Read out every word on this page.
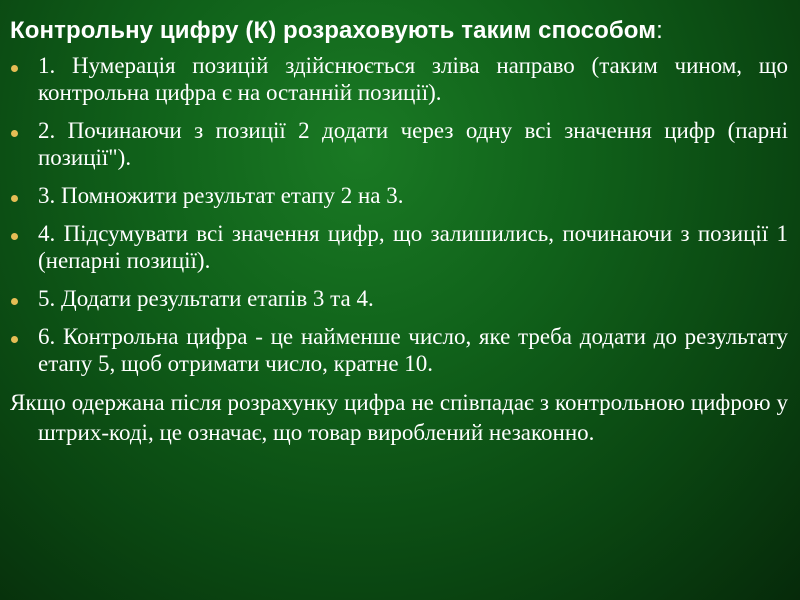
Контрольну цифру (К) розраховують таким способом:
1. Нумерація позицій здійснюється зліва направо (таким чином, що контрольна цифра є на останній позиції).
2. Починаючи з позиції 2 додати через одну всі значення цифр (парні позиції").
3. Помножити результат етапу 2 на 3.
4. Підсумувати всі значення цифр, що залишились, починаючи з позиції 1 (непарні позиції).
5. Додати результати етапів 3 та 4.
6. Контрольна цифра - це найменше число, яке треба додати до результату етапу 5, щоб отримати число, кратне 10.

Якщо одержана після розрахунку цифра не співпадає з контрольною цифрою у штрих-коді, це означає, що товар вироблений незаконно.
